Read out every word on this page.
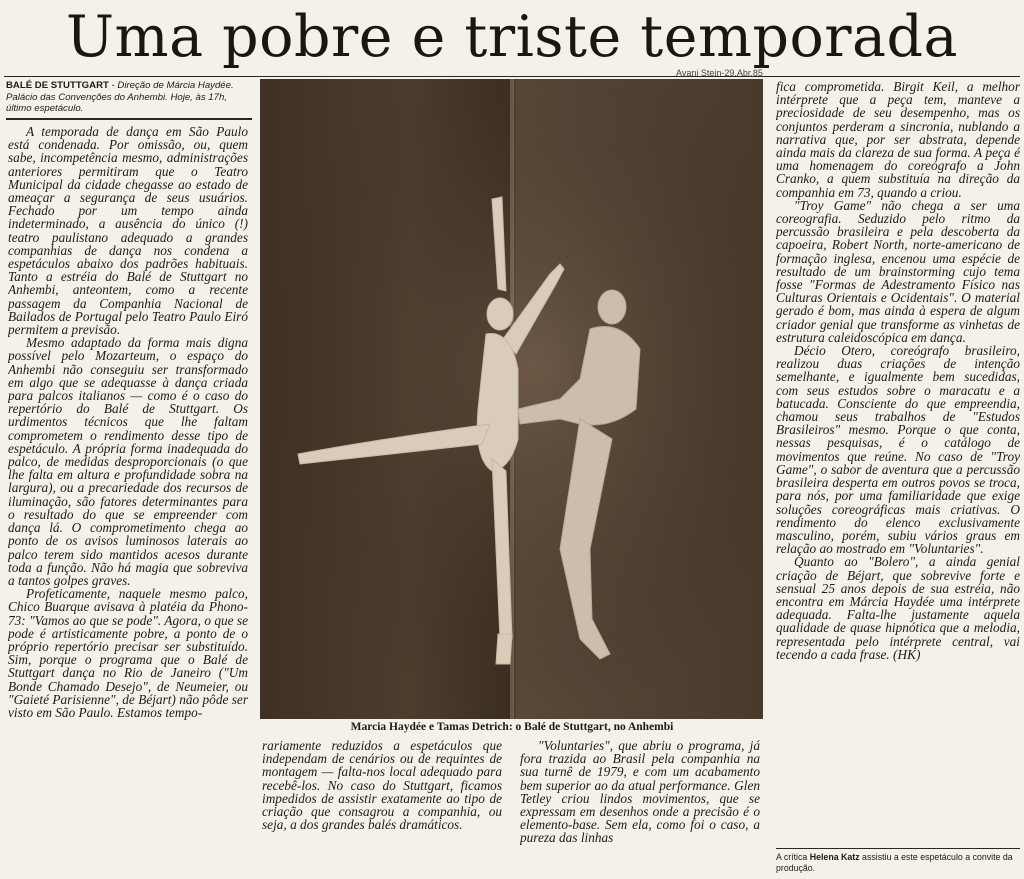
Uma pobre e triste temporada
BALÉ DE STUTTGART - Direção de Márcia Haydée. Palácio das Convenções do Anhembi. Hoje, às 17h, último espetáculo.

A temporada de dança em São Paulo está condenada. Por omissão, ou, quem sabe, incompetência mesmo, administrações anteriores permitiram que o Teatro Municipal da cidade chegasse ao estado de ameaçar a segurança de seus usuários. Fechado por um tempo ainda indeterminado, a ausência do único (!) teatro paulistano adequado a grandes companhias de dança nos condena a espetáculos abaixo dos padrões habituais. Tanto a estréia do Balé de Stuttgart no Anhembi, anteontem, como a recente passagem da Companhia Nacional de Bailados de Portugal pelo Teatro Paulo Eiró permitem a previsão.

Mesmo adaptado da forma mais digna possível pelo Mozarteum, o espaço do Anhembi não conseguiu ser transformado em algo que se adequasse à dança criada para palcos italianos — como é o caso do repertório do Balé de Stuttgart. Os urdimentos técnicos que lhe faltam comprometem o rendimento desse tipo de espetáculo. A própria forma inadequada do palco, de medidas desproporcionais (o que lhe falta em altura e profundidade sobra na largura), ou a precariedade dos recursos de iluminação, são fatores determinantes para o resultado do que se empreender com dança lá. O comprometimento chega ao ponto de os avisos luminosos laterais ao palco terem sido mantidos acesos durante toda a função. Não há magia que sobreviva a tantos golpes graves.

Profeticamente, naquele mesmo palco, Chico Buarque avisava à platéia da Phono-73: "Vamos ao que se pode". Agora, o que se pode é artisticamente pobre, a ponto de o próprio repertório precisar ser substituído. Sim, porque o programa que o Balé de Stuttgart dança no Rio de Janeiro ("Um Bonde Chamado Desejo", de Neumeier, ou "Gaieté Parisienne", de Béjart) não pôde ser visto em São Paulo. Estamos tempo-

Avani Stein-29.Abr.85
Marcia Haydée e Tamas Detrich: o Balé de Stuttgart, no Anhembi

rariamente reduzidos a espetáculos que independam de cenários ou de requintes de montagem — falta-nos local adequado para recebê-los. No caso do Stuttgart, ficamos impedidos de assistir exatamente ao tipo de criação que consagrou a companhia, ou seja, a dos grandes balés dramáticos.

"Voluntaries", que abriu o programa, já fora trazida ao Brasil pela companhia na sua turnê de 1979, e com um acabamento bem superior ao da atual performance. Glen Tetley criou lindos movimentos, que se expressam em desenhos onde a precisão é o elemento-base. Sem ela, como foi o caso, a pureza das linhas

fica comprometida. Birgit Keil, a melhor intérprete que a peça tem, manteve a preciosidade de seu desempenho, mas os conjuntos perderam a sincronia, nublando a narrativa que, por ser abstrata, depende ainda mais da clareza de sua forma. A peça é uma homenagem do coreógrafo a John Cranko, a quem substituía na direção da companhia em 73, quando a criou.

"Troy Game" não chega a ser uma coreografia. Seduzido pelo ritmo da percussão brasileira e pela descoberta da capoeira, Robert North, norte-americano de formação inglesa, encenou uma espécie de resultado de um brainstorming cujo tema fosse "Formas de Adestramento Físico nas Culturas Orientais e Ocidentais". O material gerado é bom, mas ainda à espera de algum criador genial que transforme as vinhetas de estrutura caleidoscópica em dança.

Décio Otero, coreógrafo brasileiro, realizou duas criações de intenção semelhante, e igualmente bem sucedidas, com seus estudos sobre o maracatu e a batucada. Consciente do que empreendia, chamou seus trabalhos de "Estudos Brasileiros" mesmo. Porque o que conta, nessas pesquisas, é o catálogo de movimentos que reúne. No caso de "Troy Game", o sabor de aventura que a percussão brasileira desperta em outros povos se troca, para nós, por uma familiaridade que exige soluções coreográficas mais criativas. O rendimento do elenco exclusivamente masculino, porém, subiu vários graus em relação ao mostrado em "Voluntaries".

Quanto ao "Bolero", a ainda genial criação de Béjart, que sobrevive forte e sensual 25 anos depois de sua estréia, não encontra em Márcia Haydée uma intérprete adequada. Falta-lhe justamente aquela qualidade de quase hipnótica que a melodia, representada pelo intérprete central, vai tecendo a cada frase. (HK)

A crítica Helena Katz assistiu a este espetáculo a convite da produção.
